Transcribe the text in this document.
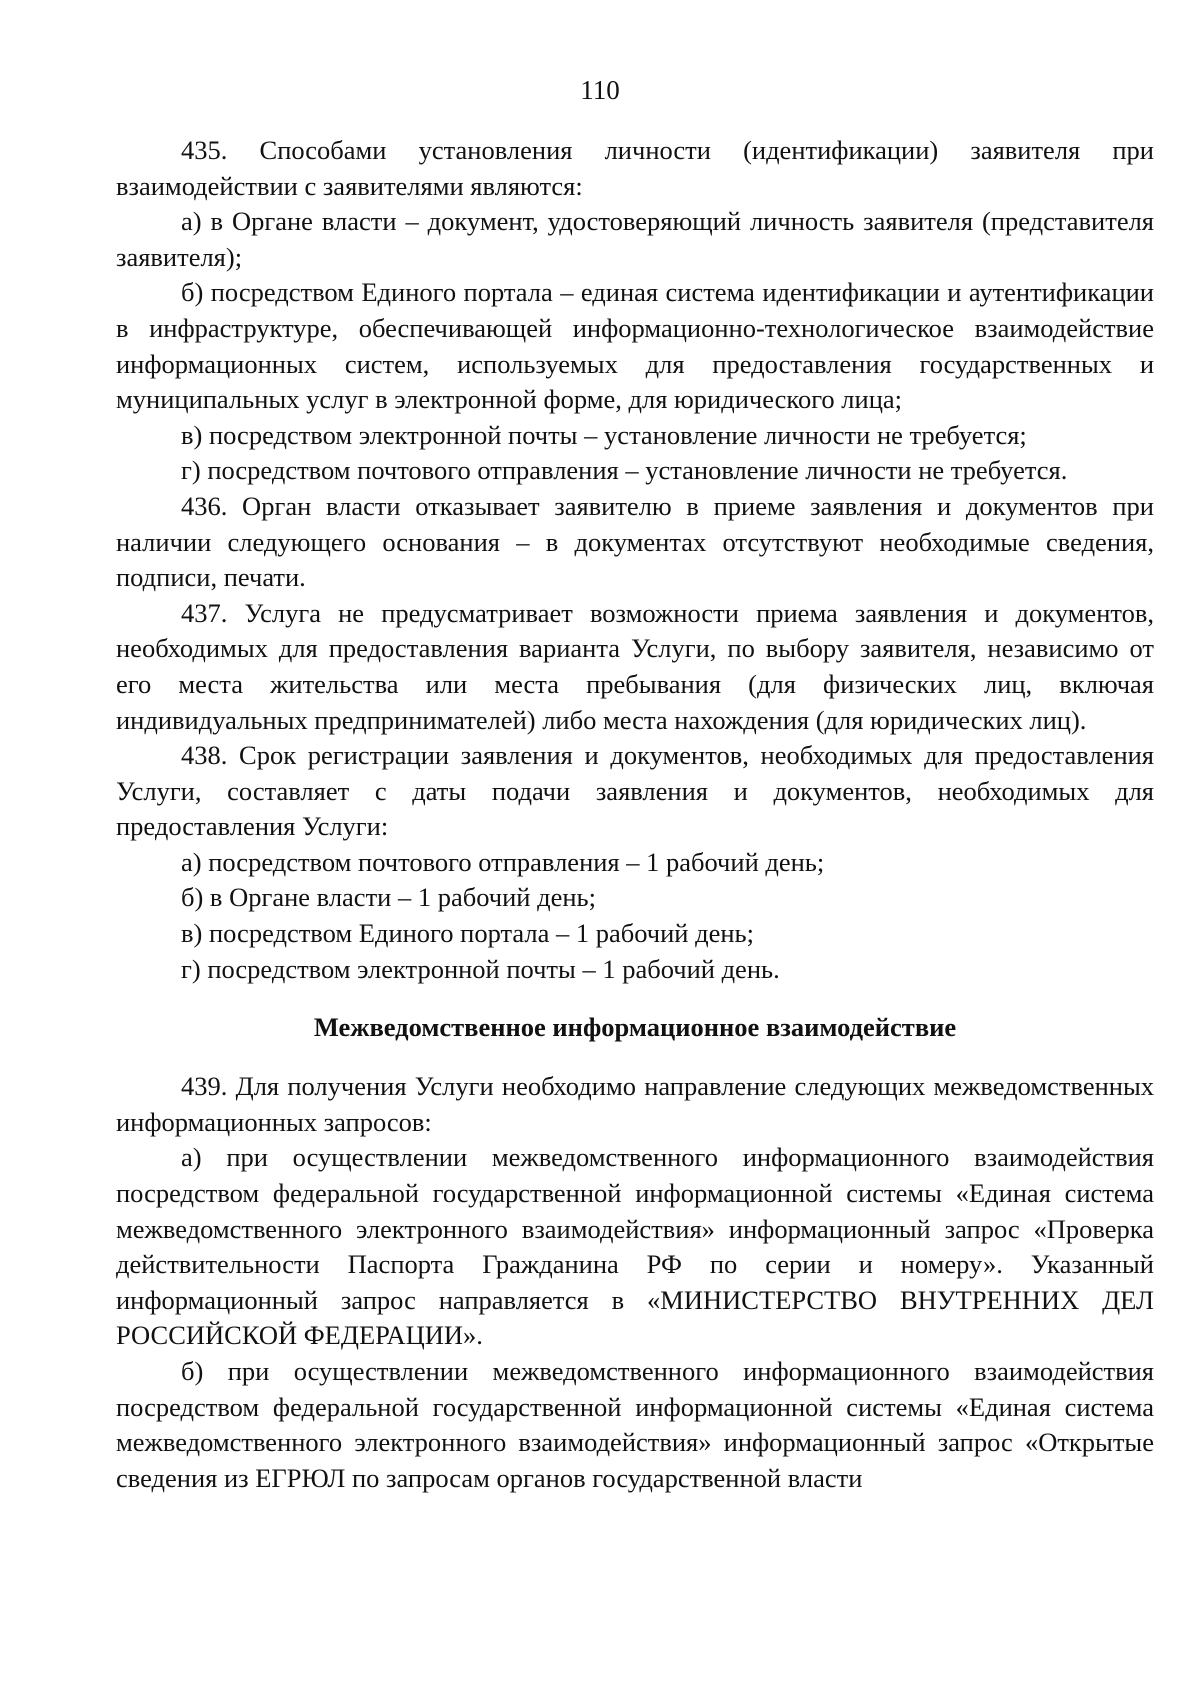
110

435. Способами установления личности (идентификации) заявителя при взаимодействии с заявителями являются:

а) в Органе власти – документ, удостоверяющий личность заявителя (представителя заявителя);

б) посредством Единого портала – единая система идентификации и аутентификации в инфраструктуре, обеспечивающей информационно-технологическое взаимодействие информационных систем, используемых для предоставления государственных и муниципальных услуг в электронной форме, для юридического лица;

в) посредством электронной почты – установление личности не требуется;

г) посредством почтового отправления – установление личности не требуется.

436. Орган власти отказывает заявителю в приеме заявления и документов при наличии следующего основания – в документах отсутствуют необходимые сведения, подписи, печати.

437. Услуга не предусматривает возможности приема заявления и документов, необходимых для предоставления варианта Услуги, по выбору заявителя, независимо от его места жительства или места пребывания (для физических лиц, включая индивидуальных предпринимателей) либо места нахождения (для юридических лиц).

438. Срок регистрации заявления и документов, необходимых для предоставления Услуги, составляет с даты подачи заявления и документов, необходимых для предоставления Услуги:

а) посредством почтового отправления – 1 рабочий день;

б) в Органе власти – 1 рабочий день;

в) посредством Единого портала – 1 рабочий день;

г) посредством электронной почты – 1 рабочий день.

Межведомственное информационное взаимодействие

439. Для получения Услуги необходимо направление следующих межведомственных информационных запросов:

а) при осуществлении межведомственного информационного взаимодействия посредством федеральной государственной информационной системы «Единая система межведомственного электронного взаимодействия» информационный запрос «Проверка действительности Паспорта Гражданина РФ по серии и номеру». Указанный информационный запрос направляется в «МИНИСТЕРСТВО ВНУТРЕННИХ ДЕЛ РОССИЙСКОЙ ФЕДЕРАЦИИ».

б) при осуществлении межведомственного информационного взаимодействия посредством федеральной государственной информационной системы «Единая система межведомственного электронного взаимодействия» информационный запрос «Открытые сведения из ЕГРЮЛ по запросам органов государственной власти
